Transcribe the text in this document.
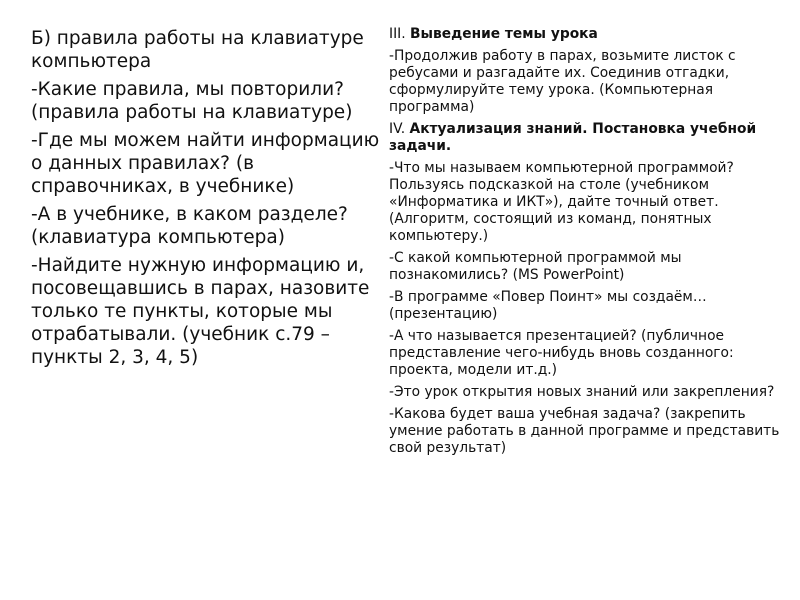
Б) правила работы на клавиатуре компьютера

-Какие правила, мы повторили? (правила работы на клавиатуре)

-Где мы можем найти информацию о данных правилах? (в справочниках, в учебнике)

-А в учебнике, в каком разделе? (клавиатура компьютера)

-Найдите нужную информацию и, посовещавшись в парах, назовите только те пункты, которые мы отрабатывали. (учебник с.79 – пункты 2, 3, 4, 5)

III. Выведение темы урока

-Продолжив работу в парах, возьмите листок с ребусами и разгадайте их. Соединив отгадки, сформулируйте тему урока. (Компьютерная программа)

IV. Актуализация знаний. Постановка учебной задачи.

-Что мы называем компьютерной программой? Пользуясь подсказкой на столе (учебником «Информатика и ИКТ»), дайте точный ответ. (Алгоритм, состоящий из команд, понятных компьютеру.)

-С какой компьютерной программой мы познакомились? (MS PowerPoint)

-В программе «Повер Поинт» мы создаём… (презентацию)

-А что называется презентацией? (публичное представление чего-нибудь вновь созданного: проекта, модели ит.д.)

-Это урок открытия новых знаний или закрепления?

-Какова будет ваша учебная задача? (закрепить умение работать в данной программе и представить свой результат)
